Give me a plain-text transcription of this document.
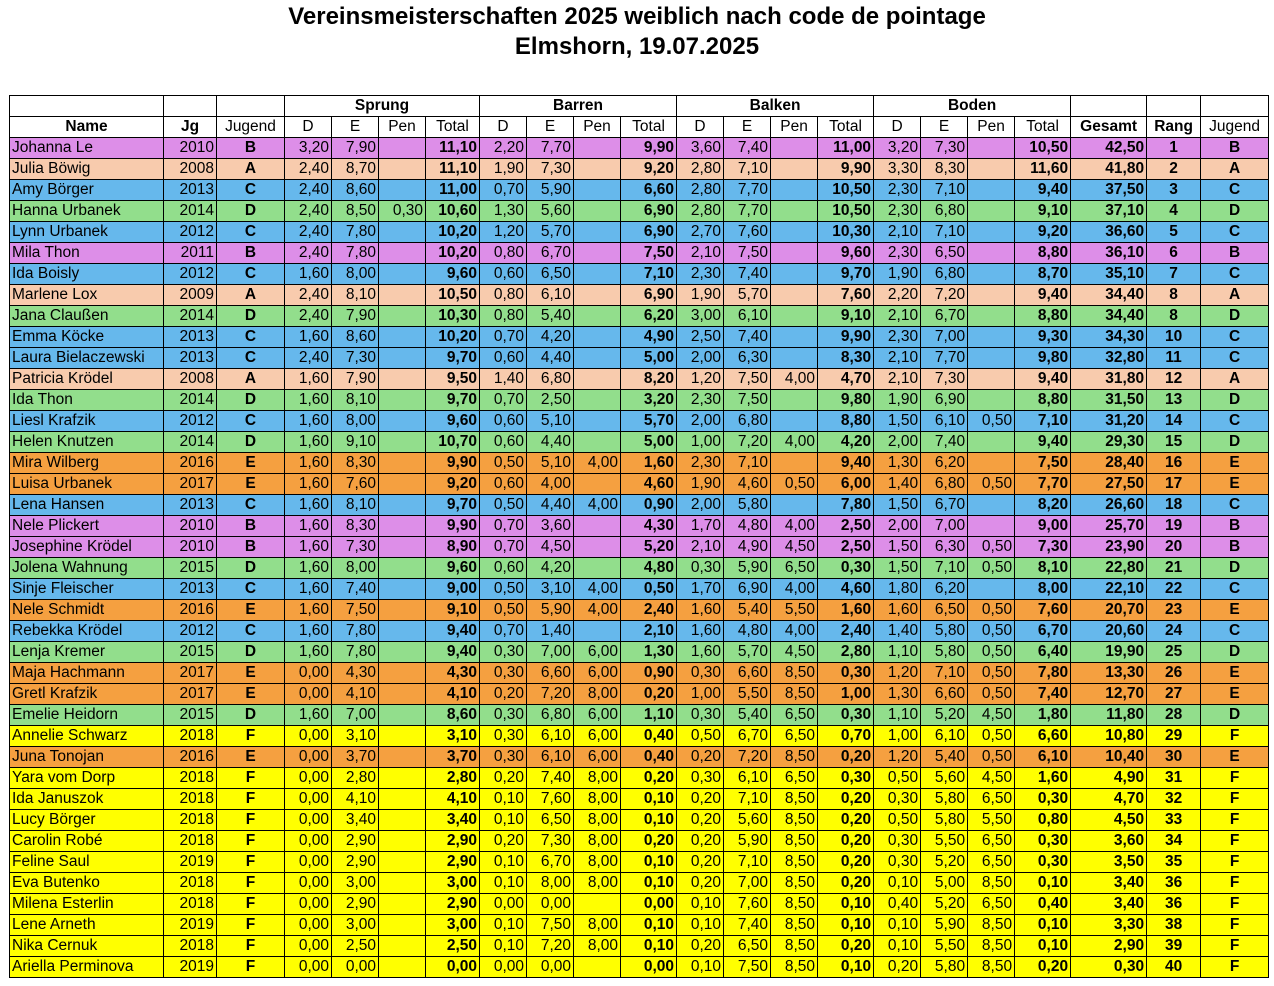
Vereinsmeisterschaften 2025 weiblich nach code de pointage
Elmshorn, 19.07.2025
			Sprung				Barren				Balken				Boden						
Name	Jg	Jugend	D	E	Pen	Total	D	E	Pen	Total	D	E	Pen	Total	D	E	Pen	Total	Gesamt	Rang	Jugend
Johanna Le	2010	B	3,20	7,90		11,10	2,20	7,70		9,90	3,60	7,40		11,00	3,20	7,30		10,50	42,50	1	B
Julia Böwig	2008	A	2,40	8,70		11,10	1,90	7,30		9,20	2,80	7,10		9,90	3,30	8,30		11,60	41,80	2	A
Amy Börger	2013	C	2,40	8,60		11,00	0,70	5,90		6,60	2,80	7,70		10,50	2,30	7,10		9,40	37,50	3	C
Hanna Urbanek	2014	D	2,40	8,50	0,30	10,60	1,30	5,60		6,90	2,80	7,70		10,50	2,30	6,80		9,10	37,10	4	D
Lynn Urbanek	2012	C	2,40	7,80		10,20	1,20	5,70		6,90	2,70	7,60		10,30	2,10	7,10		9,20	36,60	5	C
Mila Thon	2011	B	2,40	7,80		10,20	0,80	6,70		7,50	2,10	7,50		9,60	2,30	6,50		8,80	36,10	6	B
Ida Boisly	2012	C	1,60	8,00		9,60	0,60	6,50		7,10	2,30	7,40		9,70	1,90	6,80		8,70	35,10	7	C
Marlene Lox	2009	A	2,40	8,10		10,50	0,80	6,10		6,90	1,90	5,70		7,60	2,20	7,20		9,40	34,40	8	A
Jana Claußen	2014	D	2,40	7,90		10,30	0,80	5,40		6,20	3,00	6,10		9,10	2,10	6,70		8,80	34,40	8	D
Emma Köcke	2013	C	1,60	8,60		10,20	0,70	4,20		4,90	2,50	7,40		9,90	2,30	7,00		9,30	34,30	10	C
Laura Bielaczewski	2013	C	2,40	7,30		9,70	0,60	4,40		5,00	2,00	6,30		8,30	2,10	7,70		9,80	32,80	11	C
Patricia Krödel	2008	A	1,60	7,90		9,50	1,40	6,80		8,20	1,20	7,50	4,00	4,70	2,10	7,30		9,40	31,80	12	A
Ida Thon	2014	D	1,60	8,10		9,70	0,70	2,50		3,20	2,30	7,50		9,80	1,90	6,90		8,80	31,50	13	D
Liesl Krafzik	2012	C	1,60	8,00		9,60	0,60	5,10		5,70	2,00	6,80		8,80	1,50	6,10	0,50	7,10	31,20	14	C
Helen Knutzen	2014	D	1,60	9,10		10,70	0,60	4,40		5,00	1,00	7,20	4,00	4,20	2,00	7,40		9,40	29,30	15	D
Mira Wilberg	2016	E	1,60	8,30		9,90	0,50	5,10	4,00	1,60	2,30	7,10		9,40	1,30	6,20		7,50	28,40	16	E
Luisa Urbanek	2017	E	1,60	7,60		9,20	0,60	4,00		4,60	1,90	4,60	0,50	6,00	1,40	6,80	0,50	7,70	27,50	17	E
Lena Hansen	2013	C	1,60	8,10		9,70	0,50	4,40	4,00	0,90	2,00	5,80		7,80	1,50	6,70		8,20	26,60	18	C
Nele Plickert	2010	B	1,60	8,30		9,90	0,70	3,60		4,30	1,70	4,80	4,00	2,50	2,00	7,00		9,00	25,70	19	B
Josephine Krödel	2010	B	1,60	7,30		8,90	0,70	4,50		5,20	2,10	4,90	4,50	2,50	1,50	6,30	0,50	7,30	23,90	20	B
Jolena Wahnung	2015	D	1,60	8,00		9,60	0,60	4,20		4,80	0,30	5,90	6,50	0,30	1,50	7,10	0,50	8,10	22,80	21	D
Sinje Fleischer	2013	C	1,60	7,40		9,00	0,50	3,10	4,00	0,50	1,70	6,90	4,00	4,60	1,80	6,20		8,00	22,10	22	C
Nele Schmidt	2016	E	1,60	7,50		9,10	0,50	5,90	4,00	2,40	1,60	5,40	5,50	1,60	1,60	6,50	0,50	7,60	20,70	23	E
Rebekka Krödel	2012	C	1,60	7,80		9,40	0,70	1,40		2,10	1,60	4,80	4,00	2,40	1,40	5,80	0,50	6,70	20,60	24	C
Lenja Kremer	2015	D	1,60	7,80		9,40	0,30	7,00	6,00	1,30	1,60	5,70	4,50	2,80	1,10	5,80	0,50	6,40	19,90	25	D
Maja Hachmann	2017	E	0,00	4,30		4,30	0,30	6,60	6,00	0,90	0,30	6,60	8,50	0,30	1,20	7,10	0,50	7,80	13,30	26	E
Gretl Krafzik	2017	E	0,00	4,10		4,10	0,20	7,20	8,00	0,20	1,00	5,50	8,50	1,00	1,30	6,60	0,50	7,40	12,70	27	E
Emelie Heidorn	2015	D	1,60	7,00		8,60	0,30	6,80	6,00	1,10	0,30	5,40	6,50	0,30	1,10	5,20	4,50	1,80	11,80	28	D
Annelie Schwarz	2018	F	0,00	3,10		3,10	0,30	6,10	6,00	0,40	0,50	6,70	6,50	0,70	1,00	6,10	0,50	6,60	10,80	29	F
Juna Tonojan	2016	E	0,00	3,70		3,70	0,30	6,10	6,00	0,40	0,20	7,20	8,50	0,20	1,20	5,40	0,50	6,10	10,40	30	E
Yara vom Dorp	2018	F	0,00	2,80		2,80	0,20	7,40	8,00	0,20	0,30	6,10	6,50	0,30	0,50	5,60	4,50	1,60	4,90	31	F
Ida Januszok	2018	F	0,00	4,10		4,10	0,10	7,60	8,00	0,10	0,20	7,10	8,50	0,20	0,30	5,80	6,50	0,30	4,70	32	F
Lucy Börger	2018	F	0,00	3,40		3,40	0,10	6,50	8,00	0,10	0,20	5,60	8,50	0,20	0,50	5,80	5,50	0,80	4,50	33	F
Carolin Robé	2018	F	0,00	2,90		2,90	0,20	7,30	8,00	0,20	0,20	5,90	8,50	0,20	0,30	5,50	6,50	0,30	3,60	34	F
Feline Saul	2019	F	0,00	2,90		2,90	0,10	6,70	8,00	0,10	0,20	7,10	8,50	0,20	0,30	5,20	6,50	0,30	3,50	35	F
Eva Butenko	2018	F	0,00	3,00		3,00	0,10	8,00	8,00	0,10	0,20	7,00	8,50	0,20	0,10	5,00	8,50	0,10	3,40	36	F
Milena Esterlin	2018	F	0,00	2,90		2,90	0,00	0,00		0,00	0,10	7,60	8,50	0,10	0,40	5,20	6,50	0,40	3,40	36	F
Lene Arneth	2019	F	0,00	3,00		3,00	0,10	7,50	8,00	0,10	0,10	7,40	8,50	0,10	0,10	5,90	8,50	0,10	3,30	38	F
Nika Cernuk	2018	F	0,00	2,50		2,50	0,10	7,20	8,00	0,10	0,20	6,50	8,50	0,20	0,10	5,50	8,50	0,10	2,90	39	F
Ariella Perminova	2019	F	0,00	0,00		0,00	0,00	0,00		0,00	0,10	7,50	8,50	0,10	0,20	5,80	8,50	0,20	0,30	40	F
